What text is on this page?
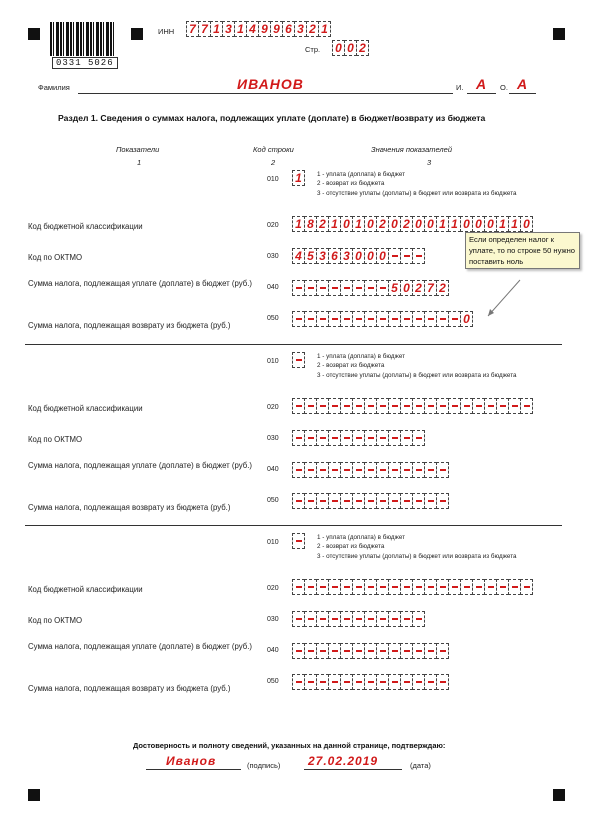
0331 5026
ИНН 7 7 1 3 1 4 9 9 6 3 2 1
Стр. 0 0 2
Фамилия	ИВАНОВ	И. А О. А
Раздел 1. Сведения о суммах налога, подлежащих уплате (доплате) в бюджет/возврату из бюджета
Показатели
1
Код строки
2
Значения показателей
3
010 1	1 - уплата (доплата) в бюджет
2 - возврат из бюджета
3 - отсутствие уплаты (доплаты) в бюджет или возврата из бюджета
Код бюджетной классификации	020 1 8 2 1 0 1 0 2 0 2 0 0 1 1 0 0 0 1 1 0
Код по ОКТМО	030 4 5 3 6 3 0 0 0
Сумма налога, подлежащая уплате (доплате) в бюджет (руб.)	040	5 0 2 7 2
Сумма налога, подлежащая возврату из бюджета (руб.)
050	0
010
1 - уплата (доплата) в бюджет
2 - возврат из бюджета
3 - отсутствие уплаты (доплаты) в бюджет или возврата из бюджета
Код бюджетной классификации	020
Код по ОКТМО	030
Сумма налога, подлежащая уплате (доплате) в бюджет (руб.)	040
Сумма налога, подлежащая возврату из бюджета (руб.)
050
010
1 - уплата (доплата) в бюджет
2 - возврат из бюджета
3 - отсутствие уплаты (доплаты) в бюджет или возврата из бюджета
Код бюджетной классификации	020
Код по ОКТМО	030
Сумма налога, подлежащая уплате (доплате) в бюджет (руб.)	040
Сумма налога, подлежащая возврату из бюджета (руб.)
050
Если определен налог к уплате, то по строке 50 нужно поставить ноль
Достоверность и полноту сведений, указанных на данной странице, подтверждаю:
Иванов	(подпись) 27.02.2019	(дата)
